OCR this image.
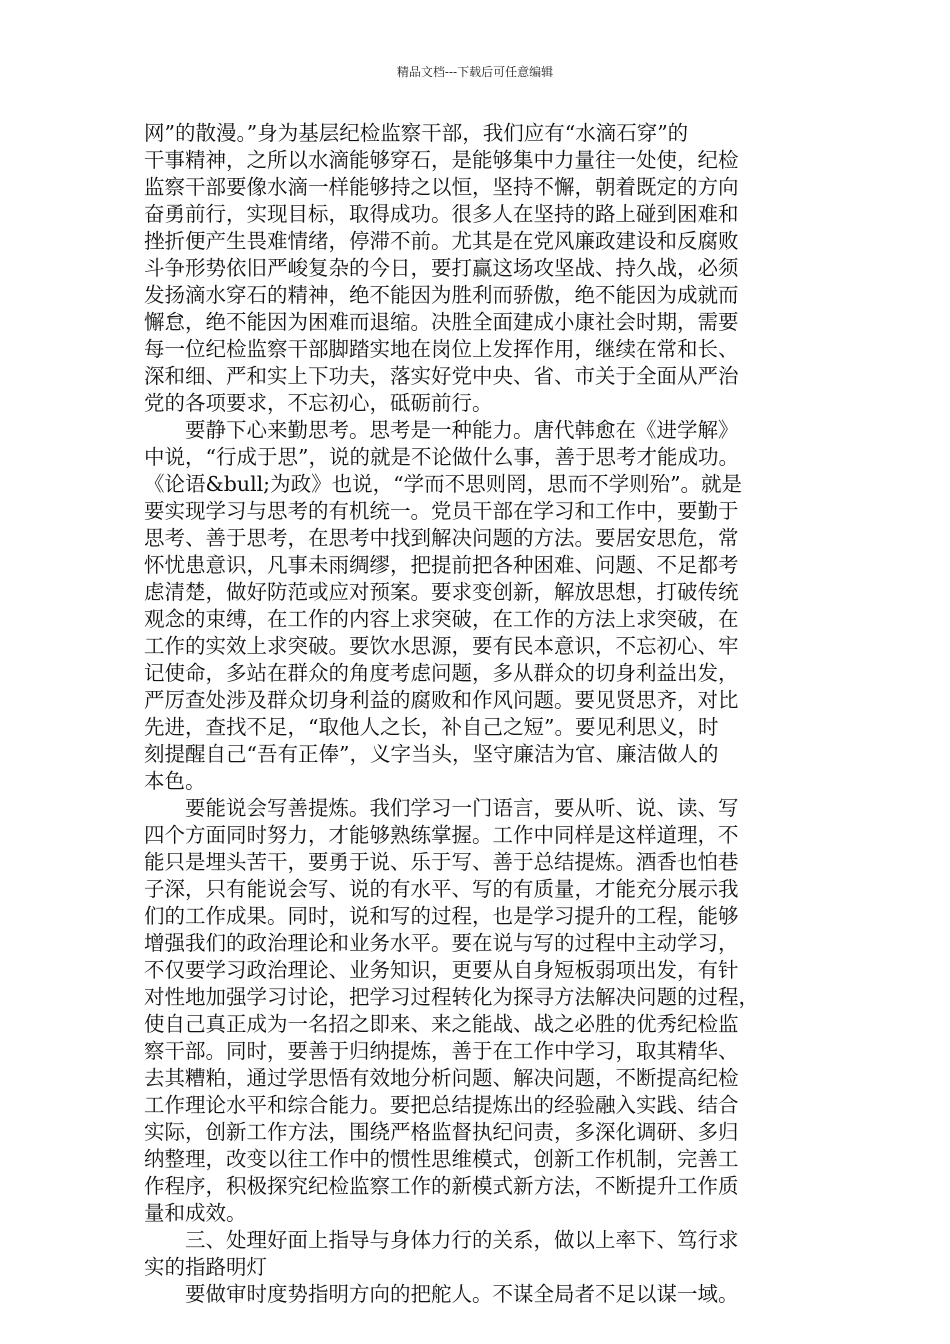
精品文档---下载后可任意编辑
网”的散漫。”身为基层纪检监察干部，我们应有“水滴石穿”的
干事精神，之所以水滴能够穿石，是能够集中力量往一处使，纪检
监察干部要像水滴一样能够持之以恒，坚持不懈，朝着既定的方向
奋勇前行，实现目标，取得成功。很多人在坚持的路上碰到困难和
挫折便产生畏难情绪，停滞不前。尤其是在党风廉政建设和反腐败
斗争形势依旧严峻复杂的今日，要打赢这场攻坚战、持久战，必须
发扬滴水穿石的精神，绝不能因为胜利而骄傲，绝不能因为成就而
懈怠，绝不能因为困难而退缩。决胜全面建成小康社会时期，需要
每一位纪检监察干部脚踏实地在岗位上发挥作用，继续在常和长、
深和细、严和实上下功夫，落实好党中央、省、市关于全面从严治
党的各项要求，不忘初心，砥砺前行。
　　要静下心来勤思考。思考是一种能力。唐代韩愈在《进学解》
中说，“行成于思”，说的就是不论做什么事，善于思考才能成功。
《论语&bull;为政》也说，“学而不思则罔，思而不学则殆”。就是
要实现学习与思考的有机统一。党员干部在学习和工作中，要勤于
思考、善于思考，在思考中找到解决问题的方法。要居安思危，常
怀忧患意识，凡事未雨绸缪，把提前把各种困难、问题、不足都考
虑清楚，做好防范或应对预案。要求变创新，解放思想，打破传统
观念的束缚，在工作的内容上求突破，在工作的方法上求突破，在
工作的实效上求突破。要饮水思源，要有民本意识，不忘初心、牢
记使命，多站在群众的角度考虑问题，多从群众的切身利益出发，
严厉查处涉及群众切身利益的腐败和作风问题。要见贤思齐，对比
先进，查找不足，“取他人之长，补自己之短”。要见利思义，时
刻提醒自己“吾有正俸”，义字当头，坚守廉洁为官、廉洁做人的
本色。
　　要能说会写善提炼。我们学习一门语言，要从听、说、读、写
四个方面同时努力，才能够熟练掌握。工作中同样是这样道理，不
能只是埋头苦干，要勇于说、乐于写、善于总结提炼。酒香也怕巷
子深，只有能说会写、说的有水平、写的有质量，才能充分展示我
们的工作成果。同时，说和写的过程，也是学习提升的工程，能够
增强我们的政治理论和业务水平。要在说与写的过程中主动学习，
不仅要学习政治理论、业务知识，更要从自身短板弱项出发，有针
对性地加强学习讨论，把学习过程转化为探寻方法解决问题的过程，
使自己真正成为一名招之即来、来之能战、战之必胜的优秀纪检监
察干部。同时，要善于归纳提炼，善于在工作中学习，取其精华、
去其糟粕，通过学思悟有效地分析问题、解决问题，不断提高纪检
工作理论水平和综合能力。要把总结提炼出的经验融入实践、结合
实际，创新工作方法，围绕严格监督执纪问责，多深化调研、多归
纳整理，改变以往工作中的惯性思维模式，创新工作机制，完善工
作程序，积极探究纪检监察工作的新模式新方法，不断提升工作质
量和成效。
　　三、处理好面上指导与身体力行的关系，做以上率下、笃行求
实的指路明灯
　　要做审时度势指明方向的把舵人。不谋全局者不足以谋一域。
